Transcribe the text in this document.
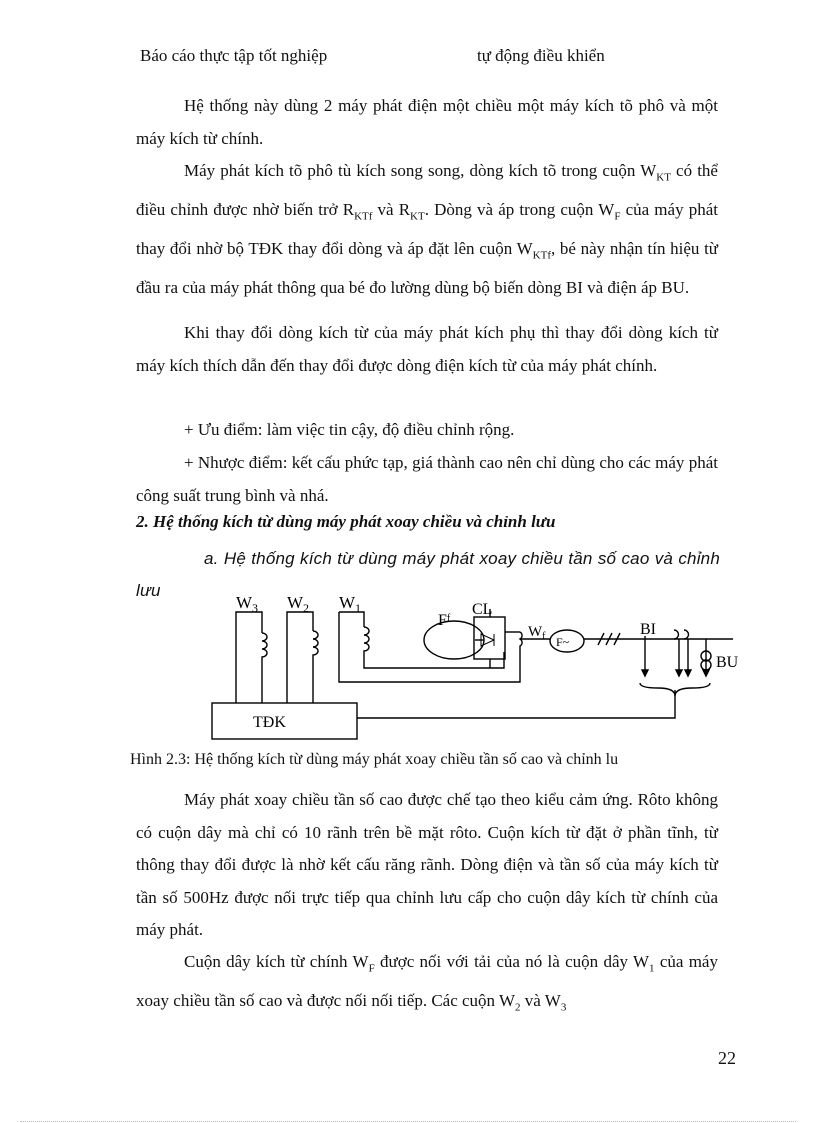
Báo cáo thực tập tốt nghiệp	tự động điều khiển

Hệ thống này dùng 2 máy phát điện một chiều một máy kích tõ phô và một máy kích từ chính.

Máy phát kích tõ phô tù kích song song, dòng kích tõ trong cuộn $W_{KT}$ có thể điều chỉnh được nhờ biến trở $R_{KTf}$ và $R_{KT}$. Dòng và áp trong cuộn $W_F$ của máy phát thay đổi nhờ bộ TĐK thay đổi dòng và áp đặt lên cuộn $W_{KTf}$, bé này nhận tín hiệu từ đầu ra của máy phát thông qua bé đo lường dùng bộ biến dòng BI và điện áp BU.

Khi thay đổi dòng kích từ của máy phát kích phụ thì thay đổi dòng kích từ máy kích thích dẫn đến thay đổi được dòng điện kích từ của máy phát chính.

+ Ưu điểm: làm việc tin cậy, độ điều chỉnh rộng.

+ Nhược điểm: kết cấu phức tạp, giá thành cao nên chỉ dùng cho các máy phát công suất trung bình và nhá.

2. Hệ thống kích từ dùng máy phát xoay chiều và chỉnh lưu

a. Hệ thống kích từ dùng máy phát xoay chiều tần số cao và chỉnh lưu

$W_3$ $W_2$ $W_1$
$F^f$
CL
$W_f$ F~
BI
BU
TĐK

Hình 2.3: Hệ thống kích từ dùng máy phát xoay chiều tần số cao và chỉnh lu

Máy phát xoay chiều tần số cao được chế tạo theo kiểu cảm ứng. Rôto không có cuộn dây mà chỉ có 10 rãnh trên bề mặt rôto. Cuộn kích từ đặt ở phần tĩnh, từ thông thay đổi được là nhờ kết cấu răng rãnh. Dòng điện và tần số của máy kích từ tần số 500Hz được nối trực tiếp qua chỉnh lưu cấp cho cuộn dây kích từ chính của máy phát.

Cuộn dây kích từ chính $W_F$ được nối với tải của nó là cuộn dây $W_1$ của máy xoay chiều tần số cao và được nối nối tiếp. Các cuộn $W_2$ và $W_3$

22
